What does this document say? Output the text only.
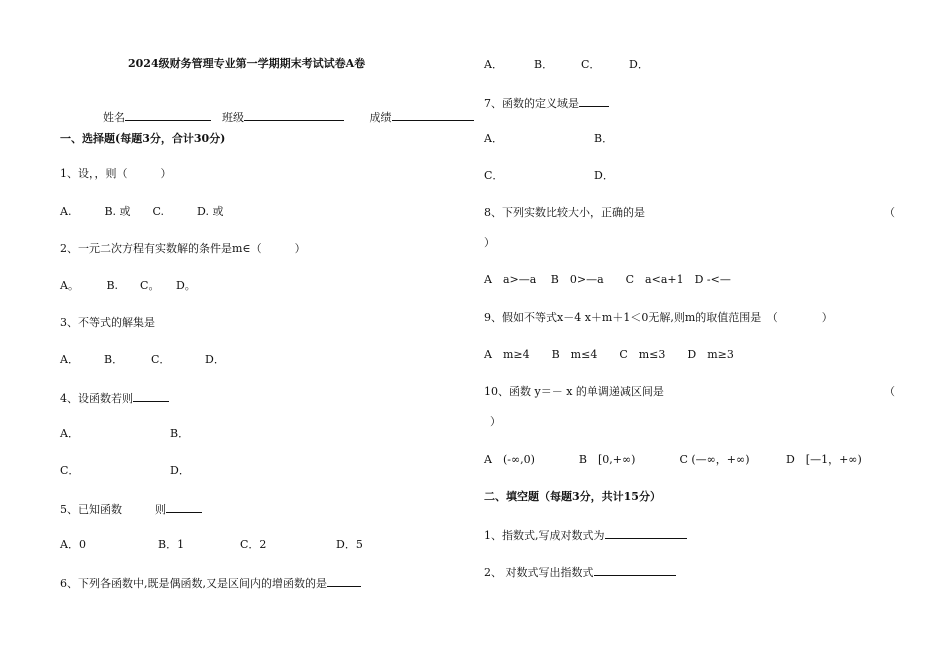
2024级财务管理专业第一学期期末考试试卷A卷

姓名　	班级　　	成绩

一、选择题(每题3分，合计30分)
1、设，，则（　　　）
A.　　　B. 或　　C.　　　D. 或
2、一元二次方程有实数解的条件是m∈（　　　）
A。　　　B.　　C。　　D。
3、不等式的解集是
A． B．	C．	D．
4、设函数若则
A．	B．
C．	D．
5、已知函数　　　则
A．0	B．1	C．2	D．5
6、下列各函数中,既是偶函数,又是区间内的增函数的是
A．	B．	C．	D．
7、函数的定义域是
A．	B．
C．	D．
8、下列实数比较大小，正确的是	（
）
A　a>—a　 B　0>—a　　C　a<a+1　D -<—
9、假如不等式x－4 x＋m＋1＜0无解,则m的取值范围是　（　　　　）
A　m≥4　　B　m≤4　　C　m≤3　　D　m≥3
10、函数 y＝－ x 的单调递减区间是	（
）
A　(-∞,0)　　　　B　[0,+∞)　　　　C (—∞，+∞)　　　 D　[—1，+∞)
二、填空题（每题3分，共计15分）
1、指数式,写成对数式为
2、 对数式写出指数式
